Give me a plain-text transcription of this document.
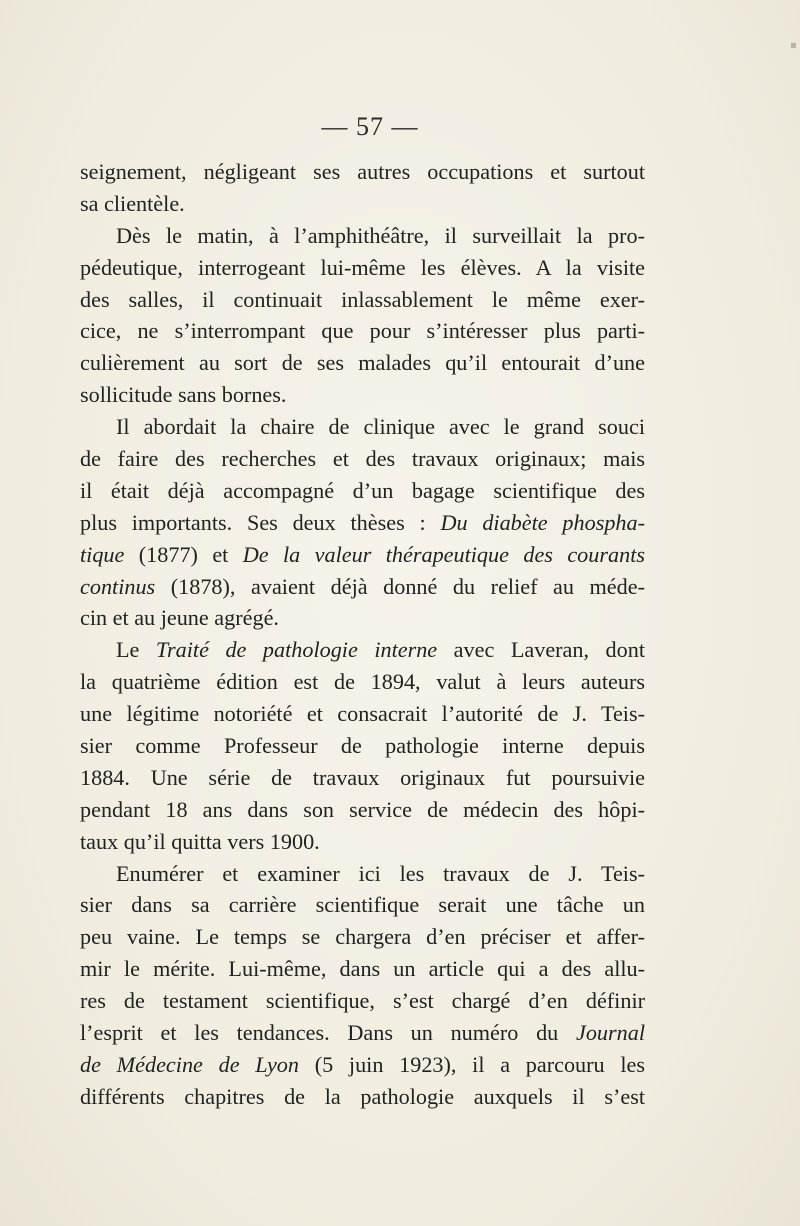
— 57 —
seignement, négligeant ses autres occupations et surtout
sa clientèle.
Dès le matin, à l’amphithéâtre, il surveillait la pro-
pédeutique, interrogeant lui-même les élèves. A la visite
des salles, il continuait inlassablement le même exer-
cice, ne s’interrompant que pour s’intéresser plus parti-
culièrement au sort de ses malades qu’il entourait d’une
sollicitude sans bornes.
Il abordait la chaire de clinique avec le grand souci
de faire des recherches et des travaux originaux; mais
il était déjà accompagné d’un bagage scientifique des
plus importants. Ses deux thèses : Du diabète phospha-
tique (1877) et De la valeur thérapeutique des courants
continus (1878), avaient déjà donné du relief au méde-
cin et au jeune agrégé.
Le Traité de pathologie interne avec Laveran, dont
la quatrième édition est de 1894, valut à leurs auteurs
une légitime notoriété et consacrait l’autorité de J. Teis-
sier comme Professeur de pathologie interne depuis
1884. Une série de travaux originaux fut poursuivie
pendant 18 ans dans son service de médecin des hôpi-
taux qu’il quitta vers 1900.
Enumérer et examiner ici les travaux de J. Teis-
sier dans sa carrière scientifique serait une tâche un
peu vaine. Le temps se chargera d’en préciser et affer-
mir le mérite. Lui-même, dans un article qui a des allu-
res de testament scientifique, s’est chargé d’en définir
l’esprit et les tendances. Dans un numéro du Journal
de Médecine de Lyon (5 juin 1923), il a parcouru les
différents chapitres de la pathologie auxquels il s’est
▪
